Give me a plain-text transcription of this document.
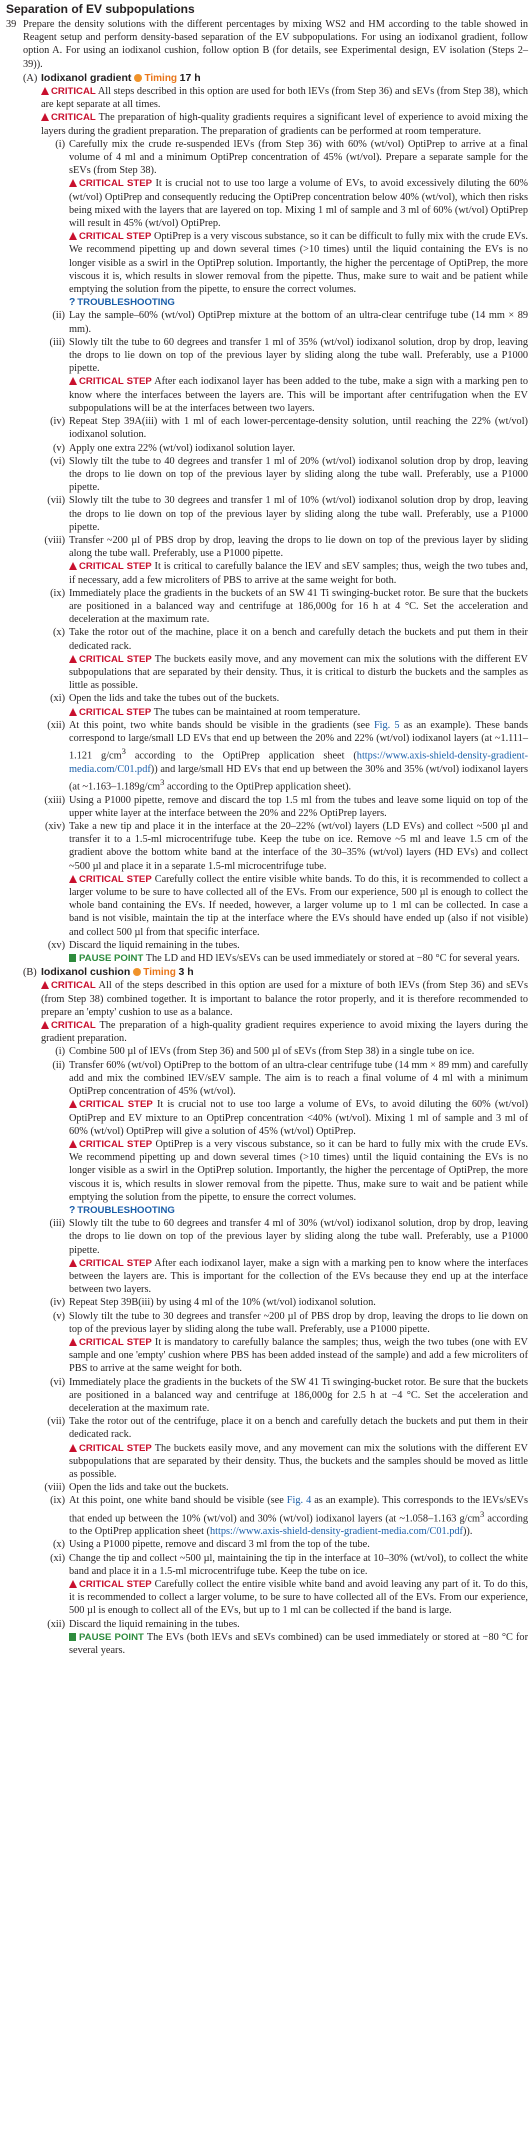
Separation of EV subpopulations
39 Prepare the density solutions with the different percentages by mixing WS2 and HM according to the table showed in Reagent setup and perform density-based separation of the EV subpopulations. For using an iodixanol gradient, follow option A. For using an iodixanol cushion, follow option B (for details, see Experimental design, EV isolation (Steps 2–39)).

(A) Iodixanol gradient Timing 17 h

CRITICAL All steps described in this option are used for both lEVs (from Step 36) and sEVs (from Step 38), which are kept separate at all times.

CRITICAL The preparation of high-quality gradients requires a significant level of experience to avoid mixing the layers during the gradient preparation. The preparation of gradients can be performed at room temperature.

(i) Carefully mix the crude re-suspended lEVs (from Step 36) with 60% (wt/vol) OptiPrep to arrive at a final volume of 4 ml and a minimum OptiPrep concentration of 45% (wt/vol). Prepare a separate sample for the sEVs (from Step 38).

CRITICAL STEP It is crucial not to use too large a volume of EVs, to avoid excessively diluting the 60% (wt/vol) OptiPrep and consequently reducing the OptiPrep concentration below 40% (wt/vol), which then risks being mixed with the layers that are layered on top. Mixing 1 ml of sample and 3 ml of 60% (wt/vol) OptiPrep will result in 45% (wt/vol) OptiPrep.

CRITICAL STEP OptiPrep is a very viscous substance, so it can be difficult to fully mix with the crude EVs. We recommend pipetting up and down several times (>10 times) until the liquid containing the EVs is no longer visible as a swirl in the OptiPrep solution. Importantly, the higher the percentage of OptiPrep, the more viscous it is, which results in slower removal from the pipette. Thus, make sure to wait and be patient while emptying the solution from the pipette, to ensure the correct volumes.

? TROUBLESHOOTING

(ii) Lay the sample–60% (wt/vol) OptiPrep mixture at the bottom of an ultra-clear centrifuge tube (14 mm × 89 mm).

(iii) Slowly tilt the tube to 60 degrees and transfer 1 ml of 35% (wt/vol) iodixanol solution, drop by drop, leaving the drops to lie down on top of the previous layer by sliding along the tube wall. Preferably, use a P1000 pipette.

CRITICAL STEP After each iodixanol layer has been added to the tube, make a sign with a marking pen to know where the interfaces between the layers are. This will be important after centrifugation when the EV subpopulations will be at the interfaces between two layers.

(iv) Repeat Step 39A(iii) with 1 ml of each lower-percentage-density solution, until reaching the 22% (wt/vol) iodixanol solution.

(v) Apply one extra 22% (wt/vol) iodixanol solution layer.

(vi) Slowly tilt the tube to 40 degrees and transfer 1 ml of 20% (wt/vol) iodixanol solution drop by drop, leaving the drops to lie down on top of the previous layer by sliding along the tube wall. Preferably, use a P1000 pipette.

(vii) Slowly tilt the tube to 30 degrees and transfer 1 ml of 10% (wt/vol) iodixanol solution drop by drop, leaving the drops to lie down on top of the previous layer by sliding along the tube wall. Preferably, use a P1000 pipette.

(viii) Transfer ~200 µl of PBS drop by drop, leaving the drops to lie down on top of the previous layer by sliding along the tube wall. Preferably, use a P1000 pipette.

CRITICAL STEP It is critical to carefully balance the lEV and sEV samples; thus, weigh the two tubes and, if necessary, add a few microliters of PBS to arrive at the same weight for both.

(ix) Immediately place the gradients in the buckets of an SW 41 Ti swinging-bucket rotor. Be sure that the buckets are positioned in a balanced way and centrifuge at 186,000g for 16 h at 4 °C. Set the acceleration and deceleration at the maximum rate.

(x) Take the rotor out of the machine, place it on a bench and carefully detach the buckets and put them in their dedicated rack.

CRITICAL STEP The buckets easily move, and any movement can mix the solutions with the different EV subpopulations that are separated by their density. Thus, it is critical to disturb the buckets and the samples as little as possible.

(xi) Open the lids and take the tubes out of the buckets.

CRITICAL STEP The tubes can be maintained at room temperature.

(xii) At this point, two white bands should be visible in the gradients (see Fig. 5 as an example). These bands correspond to large/small LD EVs that end up between the 20% and 22% (wt/vol) iodixanol layers (at ~1.111–1.121 $g/cm^3$ according to the OptiPrep application sheet (https://www.axis-shield-density-gradient-media.com/C01.pdf)) and large/small HD EVs that end up between the 30% and 35% (wt/vol) iodixanol layers (at $\sim 1.163-1.189g/cm^3$ according to the OptiPrep application sheet).

(xiii) Using a P1000 pipette, remove and discard the top 1.5 ml from the tubes and leave some liquid on top of the upper white layer at the interface between the 20% and 22% OptiPrep layers.

(xiv) Take a new tip and place it in the interface at the 20–22% (wt/vol) layers (LD EVs) and collect ~500 µl and transfer it to a 1.5-ml microcentrifuge tube. Keep the tube on ice. Remove ~5 ml and leave 1.5 cm of the gradient above the bottom white band at the interface of the 30–35% (wt/vol) layers (HD EVs) and collect ~500 µl and place it in a separate 1.5-ml microcentrifuge tube.

CRITICAL STEP Carefully collect the entire visible white bands. To do this, it is recommended to collect a larger volume to be sure to have collected all of the EVs. From our experience, 500 µl is enough to collect the whole band containing the EVs. If needed, however, a larger volume up to 1 ml can be collected. In case a band is not visible, maintain the tip at the interface where the EVs should have ended up (also if not visible) and collect 500 µl from that specific interface.

(xv) Discard the liquid remaining in the tubes.

PAUSE POINT The LD and HD lEVs/sEVs can be used immediately or stored at −80 °C for several years.

(B) Iodixanol cushion Timing 3 h

CRITICAL All of the steps described in this option are used for a mixture of both lEVs (from Step 36) and sEVs (from Step 38) combined together. It is important to balance the rotor properly, and it is therefore recommended to prepare an 'empty' cushion to use as a balance.

CRITICAL The preparation of a high-quality gradient requires experience to avoid mixing the layers during the gradient preparation.

(i) Combine 500 µl of lEVs (from Step 36) and 500 µl of sEVs (from Step 38) in a single tube on ice.

(ii) Transfer 60% (wt/vol) OptiPrep to the bottom of an ultra-clear centrifuge tube (14 mm × 89 mm) and carefully add and mix the combined lEV/sEV sample. The aim is to reach a final volume of 4 ml with a minimum OptiPrep concentration of 45% (wt/vol).

CRITICAL STEP It is crucial not to use too large a volume of EVs, to avoid diluting the 60% (wt/vol) OptiPrep and EV mixture to an OptiPrep concentration <40% (wt/vol). Mixing 1 ml of sample and 3 ml of 60% (wt/vol) OptiPrep will give a solution of 45% (wt/vol) OptiPrep.

CRITICAL STEP OptiPrep is a very viscous substance, so it can be hard to fully mix with the crude EVs. We recommend pipetting up and down several times (>10 times) until the liquid containing the EVs is no longer visible as a swirl in the OptiPrep solution. Importantly, the higher the percentage of OptiPrep, the more viscous it is, which results in slower removal from the pipette. Thus, make sure to wait and be patient while emptying the solution from the pipette, to ensure the correct volumes.

? TROUBLESHOOTING

(iii) Slowly tilt the tube to 60 degrees and transfer 4 ml of 30% (wt/vol) iodixanol solution, drop by drop, leaving the drops to lie down on top of the previous layer by sliding along the tube wall. Preferably, use a P1000 pipette.

CRITICAL STEP After each iodixanol layer, make a sign with a marking pen to know where the interfaces between the layers are. This is important for the collection of the EVs because they end up at the interface between two layers.

(iv) Repeat Step 39B(iii) by using 4 ml of the 10% (wt/vol) iodixanol solution.

(v) Slowly tilt the tube to 30 degrees and transfer ~200 µl of PBS drop by drop, leaving the drops to lie down on top of the previous layer by sliding along the tube wall. Preferably, use a P1000 pipette.

CRITICAL STEP It is mandatory to carefully balance the samples; thus, weigh the two tubes (one with EV sample and one 'empty' cushion where PBS has been added instead of the sample) and add a few microliters of PBS to arrive at the same weight for both.

(vi) Immediately place the gradients in the buckets of the SW 41 Ti swinging-bucket rotor. Be sure that the buckets are positioned in a balanced way and centrifuge at 186,000g for 2.5 h at −4 °C. Set the acceleration and deceleration at the maximum rate.

(vii) Take the rotor out of the centrifuge, place it on a bench and carefully detach the buckets and put them in their dedicated rack.

CRITICAL STEP The buckets easily move, and any movement can mix the solutions with the different EV subpopulations that are separated by their density. Thus, the buckets and the samples should be moved as little as possible.

(viii) Open the lids and take out the buckets.

(ix) At this point, one white band should be visible (see Fig. 4 as an example). This corresponds to the lEVs/sEVs that ended up between the 10% (wt/vol) and 30% (wt/vol) iodixanol layers (at ~1.058–1.163 $g/cm^3$ according to the OptiPrep application sheet (https://www.axis-shield-density-gradient-media.com/C01.pdf)).

(x) Using a P1000 pipette, remove and discard 3 ml from the top of the tube.

(xi) Change the tip and collect ~500 µl, maintaining the tip in the interface at 10–30% (wt/vol), to collect the white band and place it in a 1.5-ml microcentrifuge tube. Keep the tube on ice.

CRITICAL STEP Carefully collect the entire visible white band and avoid leaving any part of it. To do this, it is recommended to collect a larger volume, to be sure to have collected all of the EVs. From our experience, 500 µl is enough to collect all of the EVs, but up to 1 ml can be collected if the band is large.

(xii) Discard the liquid remaining in the tubes.

PAUSE POINT The EVs (both lEVs and sEVs combined) can be used immediately or stored at −80 °C for several years.
